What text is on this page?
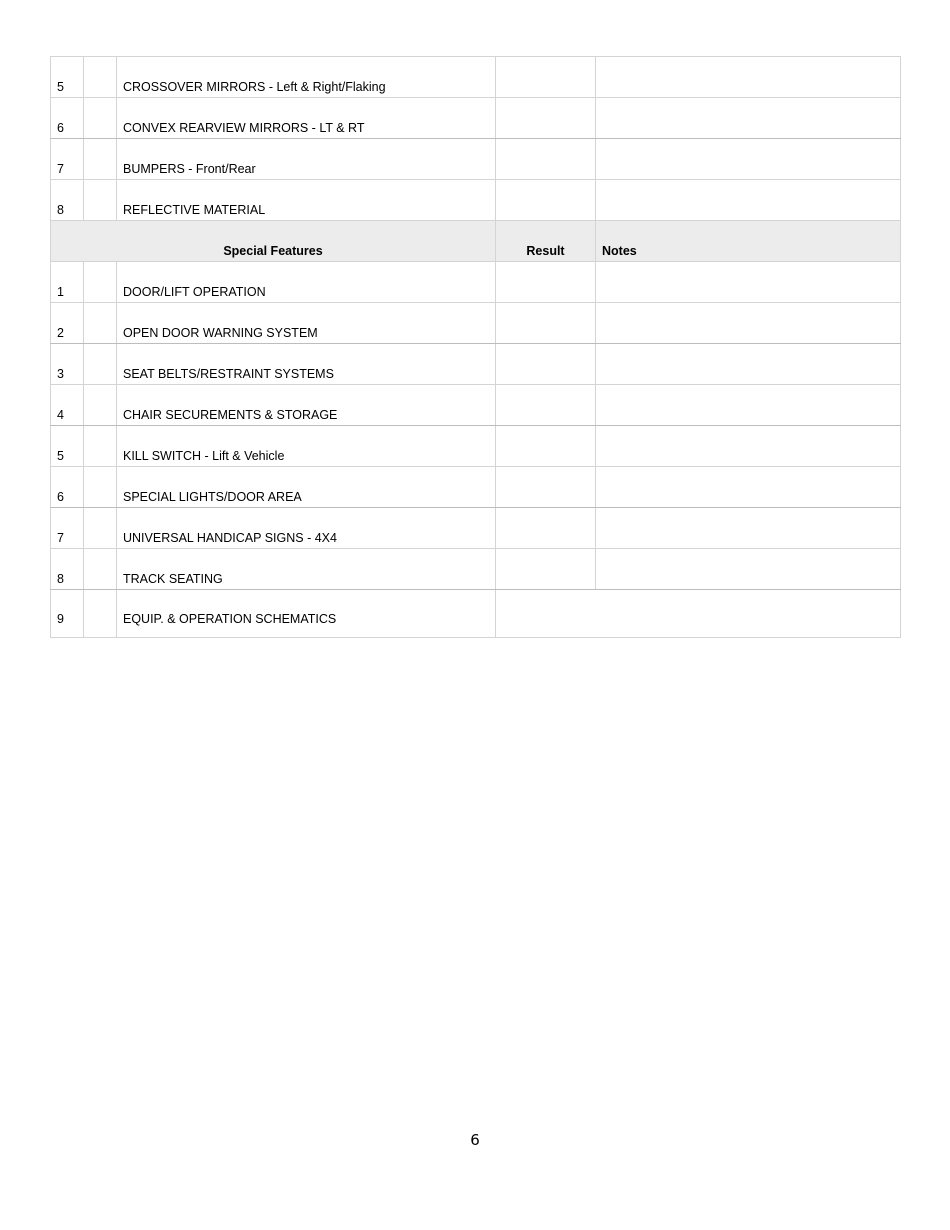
5		CROSSOVER MIRRORS - Left & Right/Flaking		
6		CONVEX REARVIEW MIRRORS - LT & RT		
7		BUMPERS - Front/Rear		
8		REFLECTIVE MATERIAL		
Special Features			Result	Notes
1		DOOR/LIFT OPERATION		
2		OPEN DOOR WARNING SYSTEM		
3		SEAT BELTS/RESTRAINT SYSTEMS		
4		CHAIR SECUREMENTS & STORAGE		
5		KILL SWITCH - Lift & Vehicle		
6		SPECIAL LIGHTS/DOOR AREA		
7		UNIVERSAL HANDICAP SIGNS - 4X4		
8		TRACK SEATING		
9		EQUIP. & OPERATION SCHEMATICS		
6
